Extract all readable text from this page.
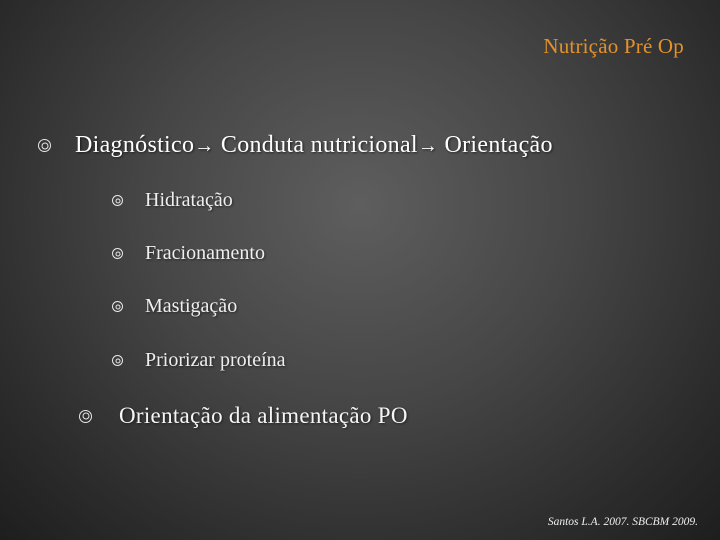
Nutrição Pré Op
Diagnóstico→ Conduta nutricional→ Orientação
Hidratação
Fracionamento
Mastigação
Priorizar proteína
Orientação da alimentação PO
Santos L.A. 2007. SBCBM 2009.
